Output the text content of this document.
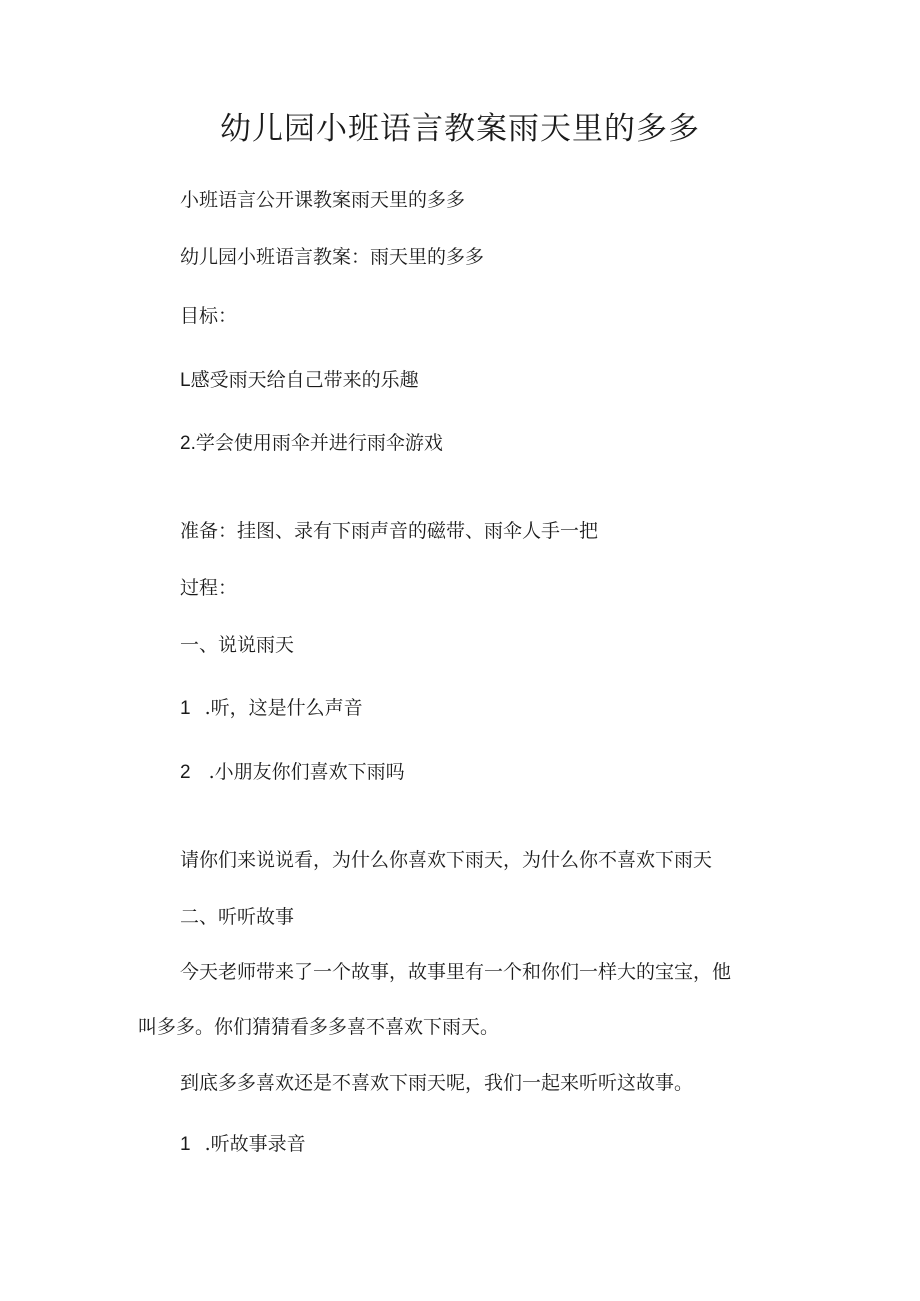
幼儿园小班语言教案雨天里的多多

小班语言公开课教案雨天里的多多

幼儿园小班语言教案：雨天里的多多

目标：

L感受雨天给自己带来的乐趣

2.学会使用雨伞并进行雨伞游戏

准备：挂图、录有下雨声音的磁带、雨伞人手一把

过程：

一、说说雨天

1 .听，这是什么声音

2 .小朋友你们喜欢下雨吗

请你们来说说看，为什么你喜欢下雨天，为什么你不喜欢下雨天

二、听听故事

今天老师带来了一个故事，故事里有一个和你们一样大的宝宝，他

叫多多。你们猜猜看多多喜不喜欢下雨天。

到底多多喜欢还是不喜欢下雨天呢，我们一起来听听这故事。

1 .听故事录音
